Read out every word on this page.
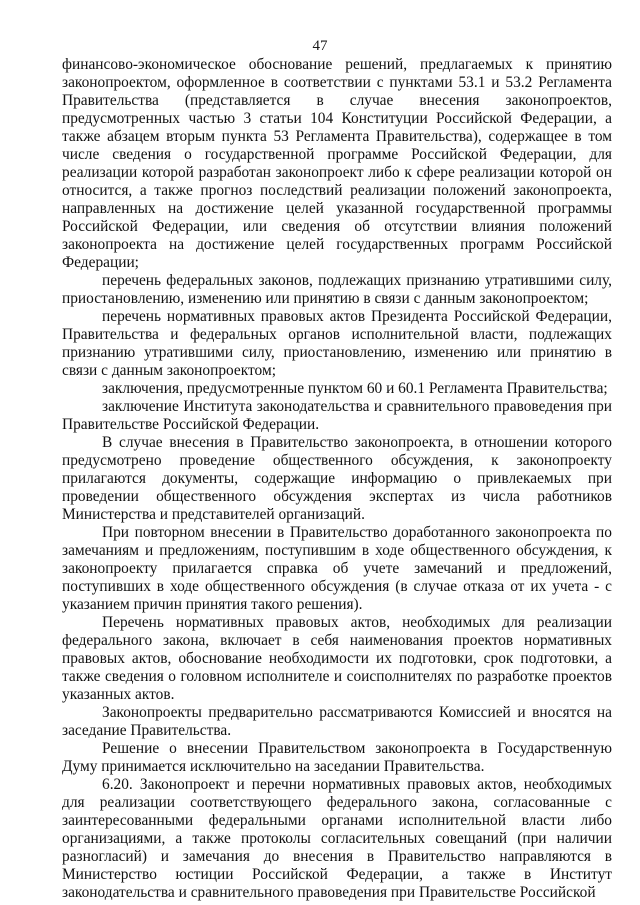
47

финансово-экономическое обоснование решений, предлагаемых к принятию законопроектом, оформленное в соответствии с пунктами 53.1 и 53.2 Регламента Правительства (представляется в случае внесения законопроектов, предусмотренных частью 3 статьи 104 Конституции Российской Федерации, а также абзацем вторым пункта 53 Регламента Правительства), содержащее в том числе сведения о государственной программе Российской Федерации, для реализации которой разработан законопроект либо к сфере реализации которой он относится, а также прогноз последствий реализации положений законопроекта, направленных на достижение целей указанной государственной программы Российской Федерации, или сведения об отсутствии влияния положений законопроекта на достижение целей государственных программ Российской Федерации;

перечень федеральных законов, подлежащих признанию утратившими силу, приостановлению, изменению или принятию в связи с данным законопроектом;

перечень нормативных правовых актов Президента Российской Федерации, Правительства и федеральных органов исполнительной власти, подлежащих признанию утратившими силу, приостановлению, изменению или принятию в связи с данным законопроектом;

заключения, предусмотренные пунктом 60 и 60.1 Регламента Правительства;

заключение Института законодательства и сравнительного правоведения при Правительстве Российской Федерации.

В случае внесения в Правительство законопроекта, в отношении которого предусмотрено проведение общественного обсуждения, к законопроекту прилагаются документы, содержащие информацию о привлекаемых при проведении общественного обсуждения экспертах из числа работников Министерства и представителей организаций.

При повторном внесении в Правительство доработанного законопроекта по замечаниям и предложениям, поступившим в ходе общественного обсуждения, к законопроекту прилагается справка об учете замечаний и предложений, поступивших в ходе общественного обсуждения (в случае отказа от их учета - с указанием причин принятия такого решения).

Перечень нормативных правовых актов, необходимых для реализации федерального закона, включает в себя наименования проектов нормативных правовых актов, обоснование необходимости их подготовки, срок подготовки, а также сведения о головном исполнителе и соисполнителях по разработке проектов указанных актов.

Законопроекты предварительно рассматриваются Комиссией и вносятся на заседание Правительства.

Решение о внесении Правительством законопроекта в Государственную Думу принимается исключительно на заседании Правительства.

6.20. Законопроект и перечни нормативных правовых актов, необходимых для реализации соответствующего федерального закона, согласованные с заинтересованными федеральными органами исполнительной власти либо организациями, а также протоколы согласительных совещаний (при наличии разногласий) и замечания до внесения в Правительство направляются в Министерство юстиции Российской Федерации, а также в Институт законодательства и сравнительного правоведения при Правительстве Российской
